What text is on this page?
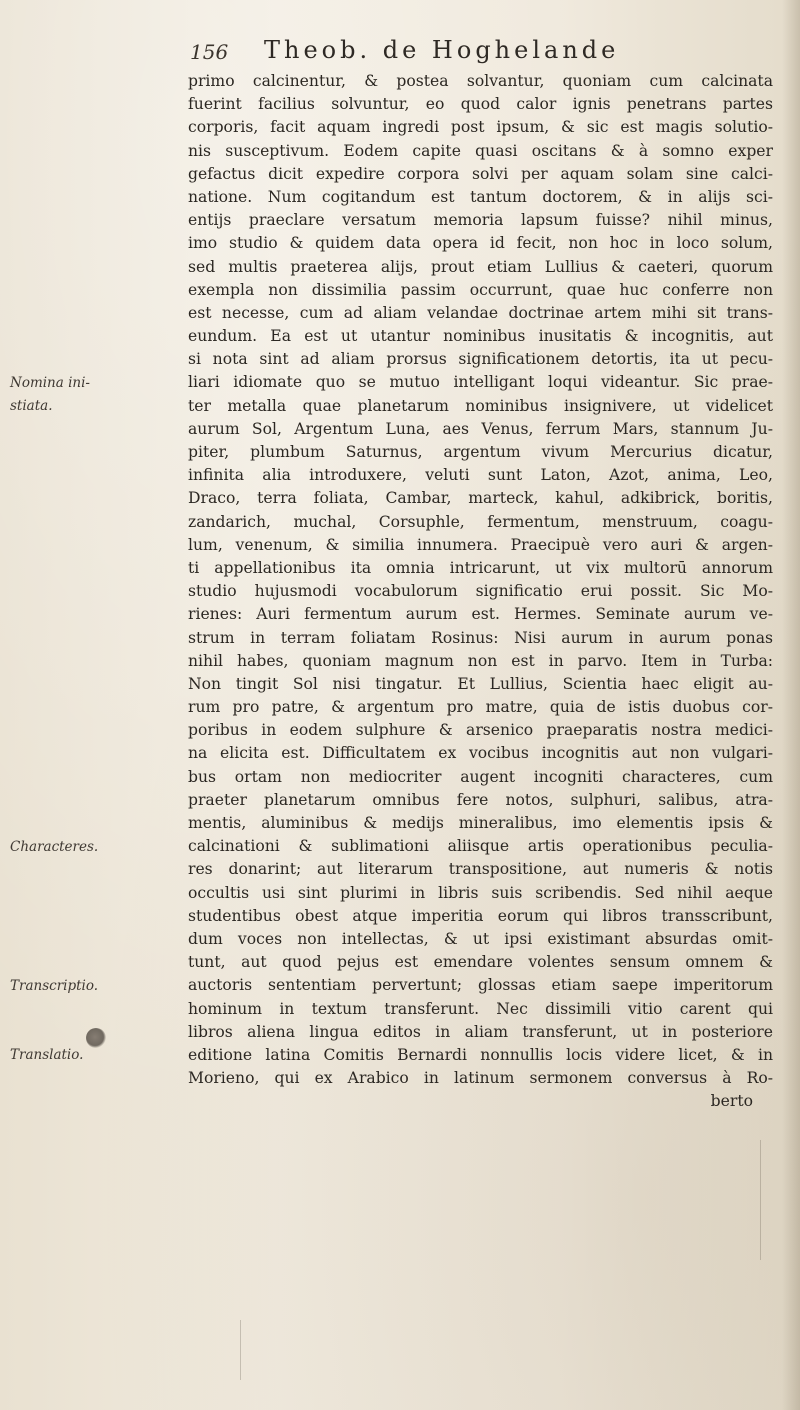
156 Theob. de Hoghelande
primo calcinentur, & postea solvantur, quoniam cum calcinata
fuerint facilius solvuntur, eo quod calor ignis penetrans partes
corporis, facit aquam ingredi post ipsum, & sic est magis solutio-
nis susceptivum. Eodem capite quasi oscitans & à somno exper
gefactus dicit expedire corpora solvi per aquam solam sine calci-
natione. Num cogitandum est tantum doctorem, & in alijs sci-
entijs praeclare versatum memoria lapsum fuisse? nihil minus,
imo studio & quidem data opera id fecit, non hoc in loco solum,
sed multis praeterea alijs, prout etiam Lullius & caeteri, quorum
exempla non dissimilia passim occurrunt, quae huc conferre non
est necesse, cum ad aliam velandae doctrinae artem mihi sit trans-
eundum. Ea est ut utantur nominibus inusitatis & incognitis, aut
si nota sint ad aliam prorsus significationem detortis, ita ut pecu-
liari idiomate quo se mutuo intelligant loqui videantur. Sic prae-
ter metalla quae planetarum nominibus insignivere, ut videlicet
aurum Sol, Argentum Luna, aes Venus, ferrum Mars, stannum Ju-
piter, plumbum Saturnus, argentum vivum Mercurius dicatur,
infinita alia introduxere, veluti sunt Laton, Azot, anima, Leo,
Draco, terra foliata, Cambar, marteck, kahul, adkibrick, boritis,
zandarich, muchal, Corsuphle, fermentum, menstruum, coagu-
lum, venenum, & similia innumera. Praecipuè vero auri & argen-
ti appellationibus ita omnia intricarunt, ut vix multorū annorum
studio hujusmodi vocabulorum significatio erui possit. Sic Mo-
rienes: Auri fermentum aurum est. Hermes. Seminate aurum ve-
strum in terram foliatam Rosinus: Nisi aurum in aurum ponas
nihil habes, quoniam magnum non est in parvo. Item in Turba:
Non tingit Sol nisi tingatur. Et Lullius, Scientia haec eligit au-
rum pro patre, & argentum pro matre, quia de istis duobus cor-
poribus in eodem sulphure & arsenico praeparatis nostra medici-
na elicita est. Difficultatem ex vocibus incognitis aut non vulgari-
bus ortam non mediocriter augent incogniti characteres, cum
praeter planetarum omnibus fere notos, sulphuri, salibus, atra-
mentis, aluminibus & medijs mineralibus, imo elementis ipsis &
calcinationi & sublimationi aliisque artis operationibus peculia-
res donarint; aut literarum transpositione, aut numeris & notis
occultis usi sint plurimi in libris suis scribendis. Sed nihil aeque
studentibus obest atque imperitia eorum qui libros transscribunt,
dum voces non intellectas, & ut ipsi existimant absurdas omit-
tunt, aut quod pejus est emendare volentes sensum omnem &
auctoris sententiam pervertunt; glossas etiam saepe imperitorum
hominum in textum transferunt. Nec dissimili vitio carent qui
libros aliena lingua editos in aliam transferunt, ut in posteriore
editione latina Comitis Bernardi nonnullis locis videre licet, & in
Morieno, qui ex Arabico in latinum sermonem conversus à Ro-
berto
Nomina ini-
stiata.
Characteres.
Transcriptio.
Translatio.
